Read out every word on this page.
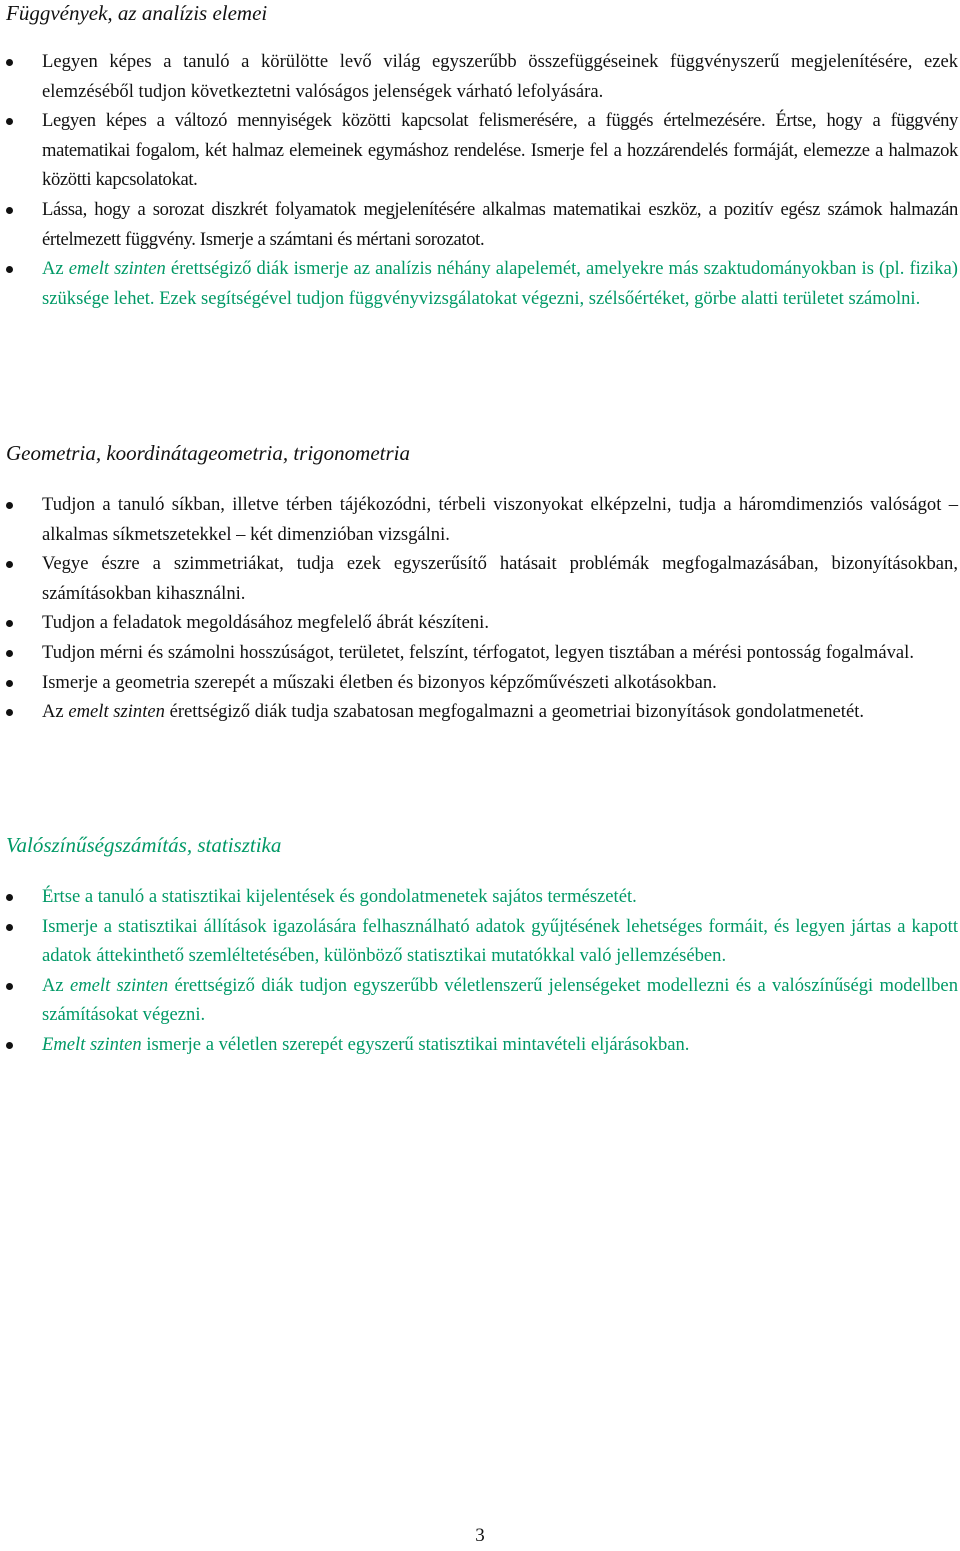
Függvények, az analízis elemei
Legyen képes a tanuló a körülötte levő világ egyszerűbb összefüggéseinek függvényszerű megjelenítésére, ezek elemzéséből tudjon következtetni valóságos jelenségek várható lefolyására.
Legyen képes a változó mennyiségek közötti kapcsolat felismerésére, a függés értelmezésére. Értse, hogy a függvény matematikai fogalom, két halmaz elemeinek egymáshoz rendelése. Ismerje fel a hozzárendelés formáját, elemezze a halmazok közötti kapcsolatokat.
Lássa, hogy a sorozat diszkrét folyamatok megjelenítésére alkalmas matematikai eszköz, a pozitív egész számok halmazán értelmezett függvény. Ismerje a számtani és mértani sorozatot.
Az emelt szinten érettségiző diák ismerje az analízis néhány alapelemét, amelyekre más szaktudományokban is (pl. fizika) szüksége lehet. Ezek segítségével tudjon függvényvizsgálatokat végezni, szélsőértéket, görbe alatti területet számolni.
Geometria, koordinátageometria, trigonometria
Tudjon a tanuló síkban, illetve térben tájékozódni, térbeli viszonyokat elképzelni, tudja a háromdimenziós valóságot – alkalmas síkmetszetekkel – két dimenzióban vizsgálni.
Vegye észre a szimmetriákat, tudja ezek egyszerűsítő hatásait problémák megfogalmazásában, bizonyításokban, számításokban kihasználni.
Tudjon a feladatok megoldásához megfelelő ábrát készíteni.
Tudjon mérni és számolni hosszúságot, területet, felszínt, térfogatot, legyen tisztában a mérési pontosság fogalmával.
Ismerje a geometria szerepét a műszaki életben és bizonyos képzőművészeti alkotásokban.
Az emelt szinten érettségiző diák tudja szabatosan megfogalmazni a geometriai bizonyítások gondolatmenetét.
Valószínűségszámítás, statisztika
Értse a tanuló a statisztikai kijelentések és gondolatmenetek sajátos természetét.
Ismerje a statisztikai állítások igazolására felhasználható adatok gyűjtésének lehetséges formáit, és legyen jártas a kapott adatok áttekinthető szemléltetésében, különböző statisztikai mutatókkal való jellemzésében.
Az emelt szinten érettségiző diák tudjon egyszerűbb véletlenszerű jelenségeket modellezni és a valószínűségi modellben számításokat végezni.
Emelt szinten ismerje a véletlen szerepét egyszerű statisztikai mintavételi eljárásokban.
3
